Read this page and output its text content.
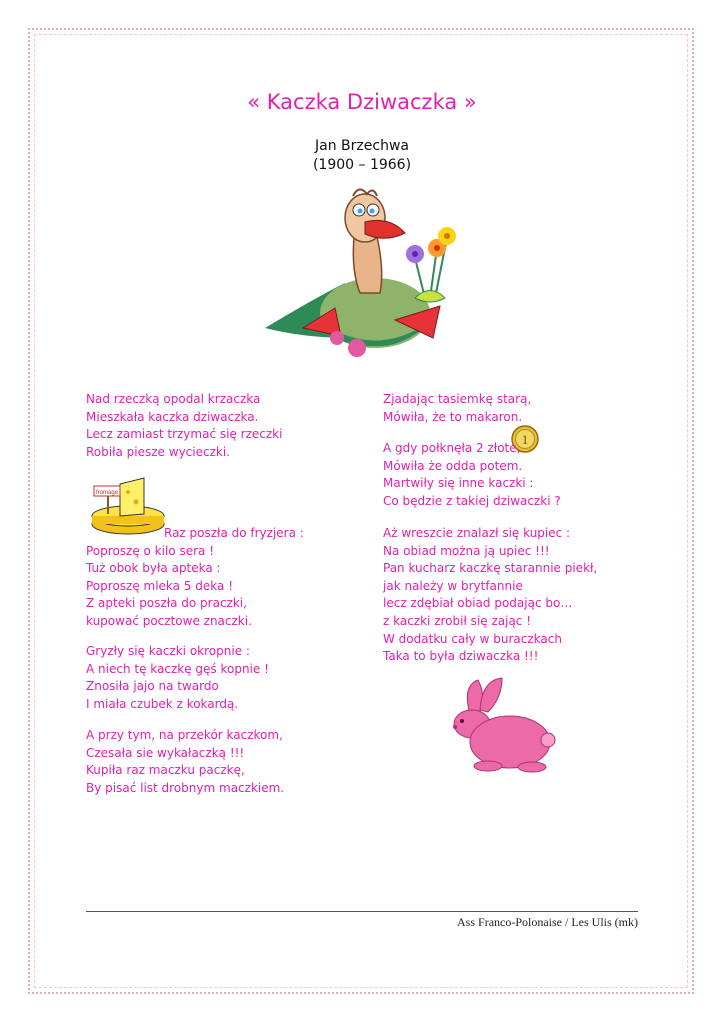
« Kaczka Dziwaczka »
Jan Brzechwa
(1900 – 1966)
Nad rzeczką opodal krzaczka
Mieszkała kaczka dziwaczka.
Lecz zamiast trzymać się rzeczki
Robiła piesze wycieczki.
fromage
Raz poszła do fryzjera :
Poproszę o kilo sera !
Tuż obok była apteka :
Poproszę mleka 5 deka !
Z apteki poszła do praczki,
kupować pocztowe znaczki.
Gryzły się kaczki okropnie :
A niech tę kaczkę gęś kopnie !
Znosiła jajo na twardo
I miała czubek z kokardą.
A przy tym, na przekór kaczkom,
Czesała sie wykałaczką !!!
Kupiła raz maczku paczkę,
By pisać list drobnym maczkiem.
Zjadając tasiemkę starą,
Mówiła, że to makaron.
1
A gdy połknęła 2 złote,
Mówiła że odda potem.
Martwiły się inne kaczki :
Co będzie z takiej dziwaczki ?
Aż wreszcie znalazł się kupiec :
Na obiad można ją upiec !!!
Pan kucharz kaczkę starannie piekł,
jak należy w brytfannie
lecz zdębiał obiad podając bo…
z kaczki zrobił się zając !
W dodatku cały w buraczkach
Taka to była dziwaczka !!!
Ass Franco-Polonaise / Les Ulis (mk)
